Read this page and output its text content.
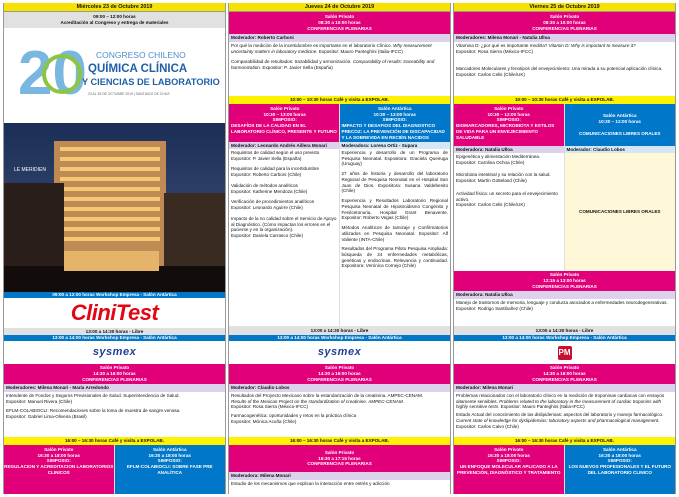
Miércoles 23 de Octubre 2019
09:00 – 12:00 horas
Acreditación al Congreso y entrega de materiales
20 CONGRESO CHILENO
QUÍMICA CLÍNICA
Y CIENCIAS DE LABORATORIO
23 AL 25 DE OCTUBRE 2019 | SANTIAGO DE CHILE
LE MERIDIEN
09:00 a 12:00 horas Workshop Empresa - Salón Antártica
CliniTest
13:00 a 14:30 horas - Libre
13:00 a 14:00 horas Workshop Empresa - Salón Antártica
sysmex
Salón Privato
14:30 a 16:00 horas
CONFERENCIAS PLENARIAS
Moderadores: Milena Monari - María Arredondo

Intendente de Fondos y Seguros Previsionales de Salud. Superintendencia de Salud.
Expositor: Manuel Rivera (Chile)

EFLM-COLABIOCLI: Recomendaciones sobre la toma de muestra de sangre venosa.
Expositor: Gabriel Lima-Oliveira (Brasil)

16:00 – 16:30 horas Café y visita a EXPOLAB.
Salón Privato
16:30 a 18:00 horas
SIMPOSIO:
REGULACION Y ACREDITACION LABORATORIOS CLINICOS
Salón Antártica
16:30 a 18:00 horas
SIMPOSIO:
EFLM-COLABIOCLI: SOBRE FASE PRE ANALÍTICA
Jueves 24 de Octubre 2019
Salón Privato
08:30 a 10:00 horas
CONFERENCIAS PLENARIAS
Moderador: Roberto Carboni

Por qué la medición de la incertidumbre es importante en el laboratorio Clínico. Why measurement uncertainty matters in laboratory medicine. Expositor: Mauro Panteghini (Italia-IFCC)

Comparabilidad de resultados: trazabilidad y armonización. Comparability of results: traceability and harmonization. Expositor: P. Javier Sella (España)

10:00 – 10:30 horas Café y visita a EXPOLAB.
Salón Privato
10:30 – 13:00 horas
SIMPOSIO:
DESAFÍOS DE LA CALIDAD EN EL LABORATORIO CLÍNICO, PRESENTE Y FUTURO
Moderador: Leonardo Andrés Aillera Monari

Requisitos de calidad según el uso previsto
Expositor: P. Javier Sella (España)

Requisitos de calidad para la incertidumbre
Expositor: Roberto Carboni (Chile)

Validación de métodos analíticos
Expositor: Katherine Mendoza (Chile)

Verificación de procedimientos analíticos
Expositor: Leonardo Aguirre (Chile)

Impacto de la no calidad sobre el Servicio de Apoyo al Diagnóstico. (Cómo impactan los errores en el paciente y en la organización).
Expositor: Daniela Carrasco (Chile)

Salón Antártica
10:30 – 13:00 horas
SIMPOSIO:
IMPACTO Y DESAFIOS DEL DIAGNOSTICO PRECOZ: LA PREVENCIÓN DE DISCAPACIDAD Y LA SOBREVIDA EN RECIÉN NACIDOS
Moderadora: Lorena Ortiz - Supara

Experiencia y desarrollo de un Programa de Pesquisa Neonatal. Expositora: Graciela Queiruga (Uruguay)

27 años de historia y desarrollo del laboratorio Regional de Pesquisa Neonatal en el Hospital San Juan de Dios. Expositora: Susana Valdebenito (Chile)

Experiencia y Resultados Laboratorio Regional Pesquisa Neonatal de Hipotiroidismo Congénito y Fenilcetonuria, Hospital Grant Benavente. Expositor: Roberto Vegas (Chile)

Métodos Analíticos de tamizaje y Confirmatorios utilizados en Pesquisa Neonatal. Expositor: Alf Valiente (INTA-Chile)

Resultados del Programa Piloto Pesquisa Ampliada: búsqueda de 24 enfermedades metabólicas, genéticas y endocrinas. Relevancia y continuidad. Expositora: Verónica Cornejo (Chile)

13:00 a 14:30 horas - Libre
13:00 a 14:00 horas Workshop Empresa - Salón Antártica
sysmex
Salón Privato
14:30 a 16:00 horas
CONFERENCIAS PLENARIAS
Moderador: Claudio Lobos

Resultados del Proyecto Mexicano sobre la estandarización de la creatinina. AMPEC-CENAM.
Results of the Mexican Project on the standardization of creatinine. AMPEC-CENAM.
Expositor: Rosa Sierra (México-IFCC)

Farmacogenética: oportunidades y retos en la práctica clínica
Expositor: Mónica Acuña (Chile)

16:00 – 16:30 horas Café y visita a EXPOLAB.
Salón Privato
16:30 a 17:15 horas
CONFERENCIAS PLENARIAS
Moderadora: Milena Monari
Estudio de los mecanismos que explican la interacción entre estrés y adicción
Viernes 25 de Octubre 2019
Salón Privato
08:30 a 10:00 horas
CONFERENCIAS PLENARIAS
Moderadores: Milena Monari - Natalia Ulloa

Vitamina D: ¿por qué es importante medirla? Vitamin D: Why is important to measure it?
Expositor: Rosa Sierra (México-IFCC)

Marcadores Moleculares y fenotipos del envejecimiento: Una mirada a su potencial aplicación clínica.
Expositor: Carlos Celis (Chile/UK)

10:00 – 10:30 horas Café y visita a EXPOLAB.
Salón Privato
10:30 – 12:00 horas
SIMPOSIO:
BIOMARCADORES, MICROBIOTA Y ESTILOS DE VIDA PARA UN ENVEJECIMIENTO SALUDABLE
Moderadora: Natalia Ulloa

Epigenética y alimentación Mediterránea.
Expositor: Carolina Ochoa (Chile)

Microbiota intestinal y su relación con la salud.
Expositor: Martín Gotteland (Chile)

Actividad física: un secreto para el envejecimiento activo.
Expositor: Carlos Celis (Chile/UK)

Salón Antártica
10:30 – 12:00 horas
COMUNICACIONES LIBRES ORALES
Moderador: Claudio Lobos
COMUNICACIONES LIBRES ORALES
Salón Privato
12:15 a 13:00 horas
CONFERENCIAS PLENARIAS
Moderadora: Natalia Ulloa
Manejo de trastornos de memoria, lenguaje y conducta asociados a enfermedades neurodegenerativas.
Expositor: Rodrigo Santibañez (Chile)
13:00 a 14:30 horas - Libre
13:00 a 14:00 horas Workshop Empresa - Salón Antártica
PM
Salón Privato
14:30 a 16:00 horas
CONFERENCIAS PLENARIAS
Moderador: Milena Monari

Problemas relacionados con el laboratorio clínico en la medición de troponinas cardiacas con ensayos altamente sensibles. Problems related to the laboratory in the measurement of cardiac troponins with highly sensitive tests. Expositor: Mauro Panteghini (Italia-IFCC)

Estado Actual del conocimiento de las dislipidemias: aspectos del laboratorio y manejo farmacológico. Current state of knowledge for dyslipidemias: laboratory aspects and pharmacological management. Expositor: Carlos Calvo (Chile)

16:00 – 16:30 horas Café y visita a EXPOLAB.
Salón Privato
16:30 a 18:00 horas
SIMPOSIO:
UN ENFOQUE MOLECULAR APLICADO A LA PREVENCIÓN, DIAGNÓSTICO Y TRATAMIENTO
Salón Antártica
16:30 a 18:00 horas
SIMPOSIO:
LOS NUEVOS PROFESIONALES Y EL FUTURO DEL LABORATORIO CLINICO
